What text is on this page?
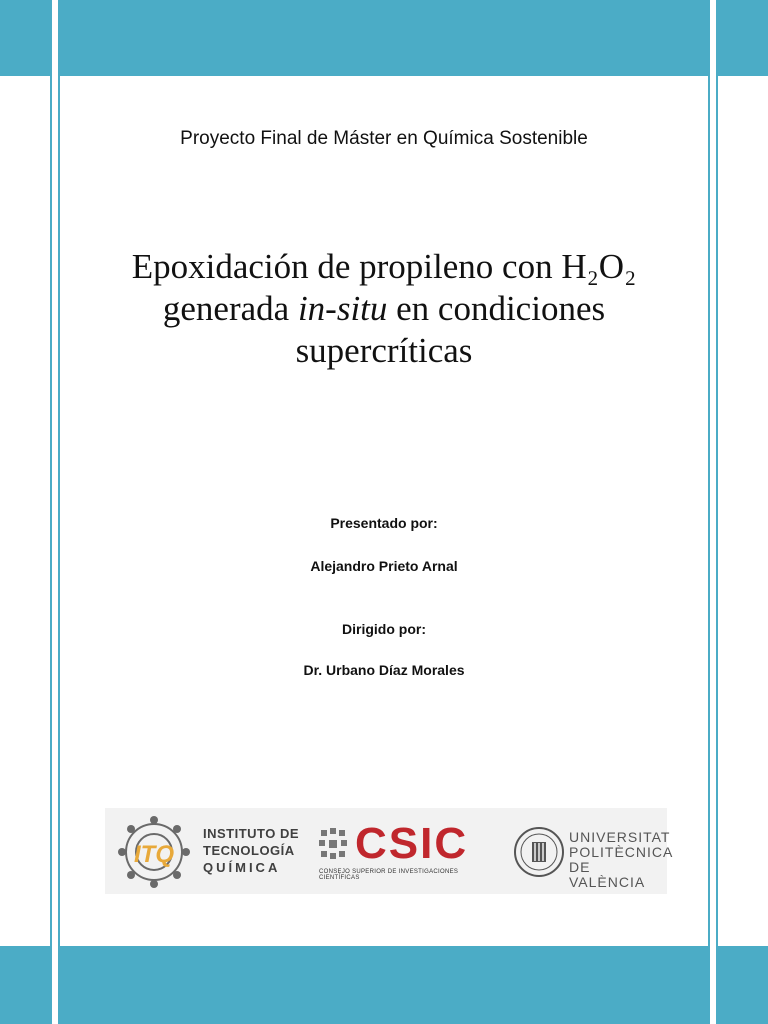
Proyecto Final de Máster en Química Sostenible
Epoxidación de propileno con H₂O₂
generada in-situ en condiciones
supercríticas
Presentado por:
Alejandro Prieto Arnal
Dirigido por:
Dr. Urbano Díaz Morales
ITQ
INSTITUTO DE
TECNOLOGÍA
QUÍMICA CSIC
CONSEJO SUPERIOR DE INVESTIGACIONES CIENTÍFICAS
UNIVERSITAT
POLITÈCNICA
DE VALÈNCIA
